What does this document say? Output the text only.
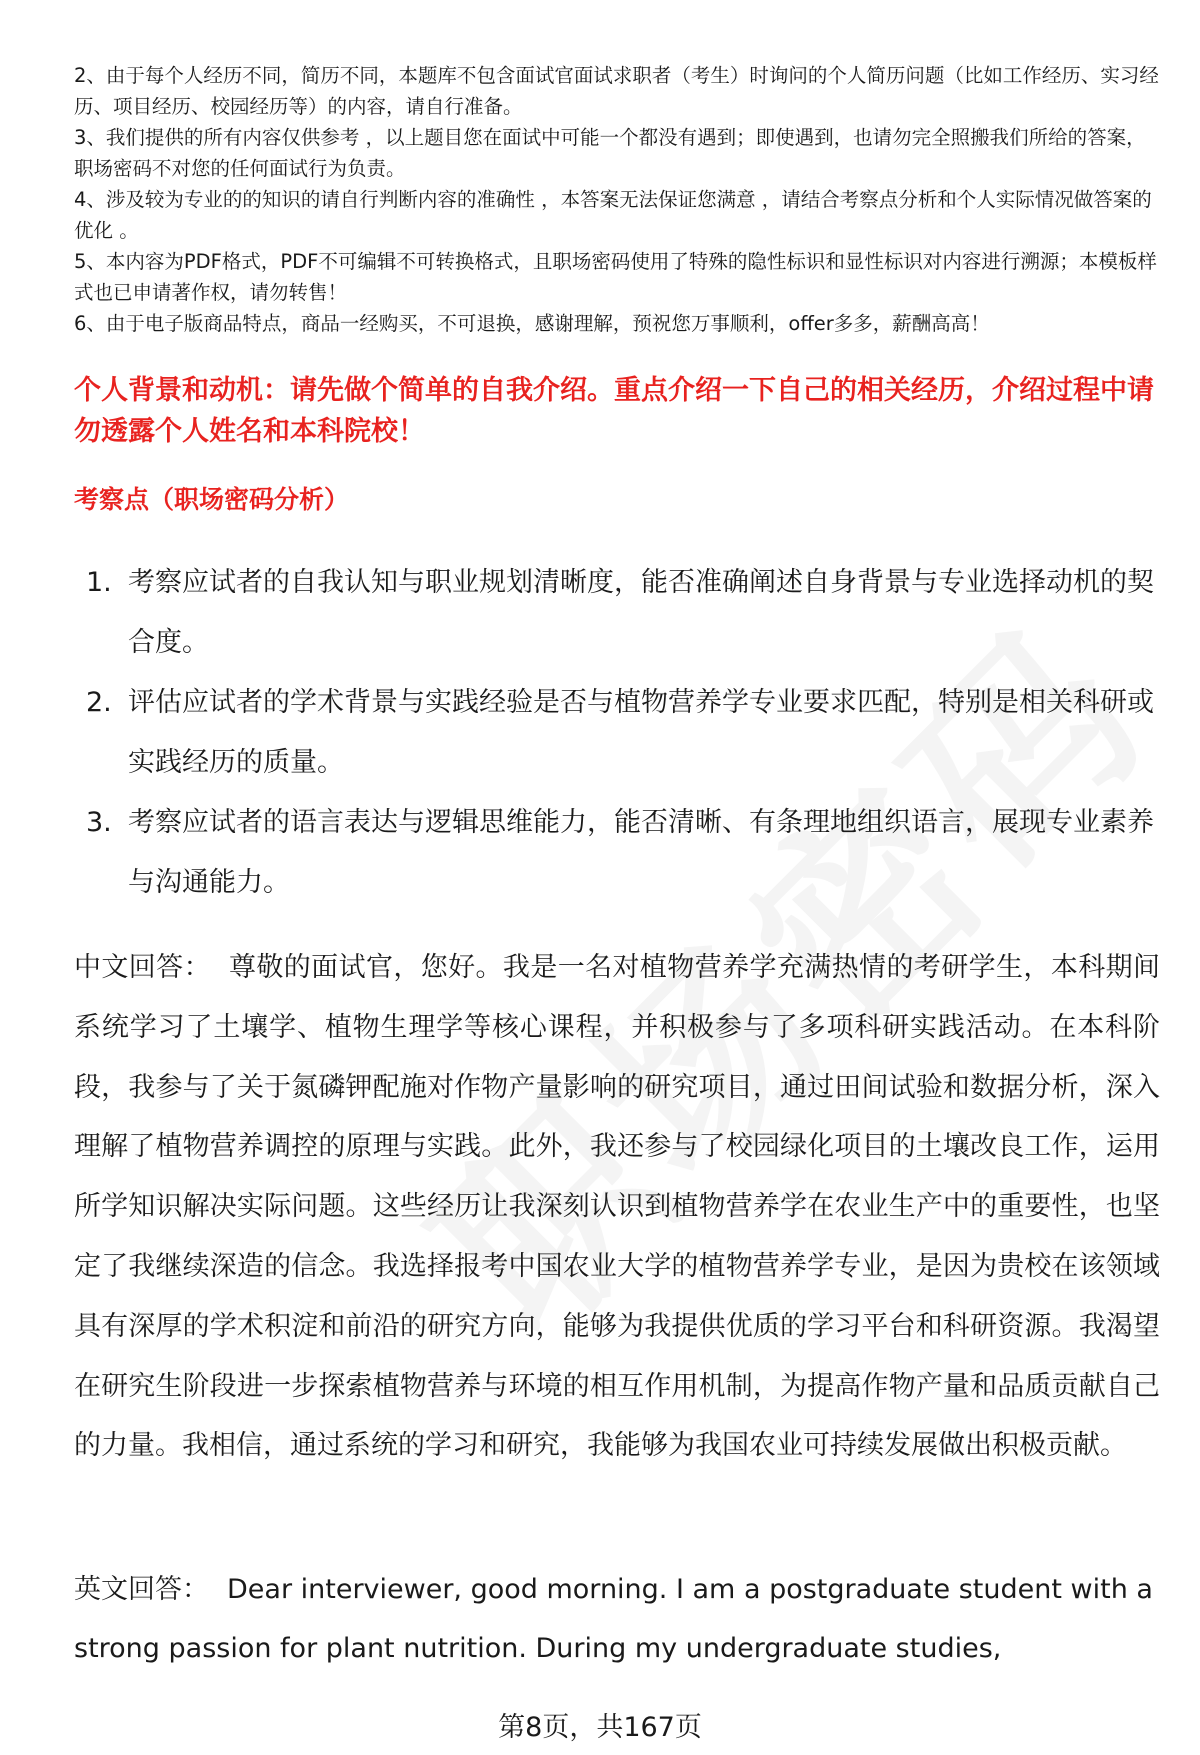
2、由于每个人经历不同，简历不同，本题库不包含面试官面试求职者（考生）时询问的个人简历问题（比如工作经历、实习经历、项目经历、校园经历等）的内容，请自行准备。

3、我们提供的所有内容仅供参考 ，以上题目您在面试中可能一个都没有遇到；即使遇到，也请勿完全照搬我们所给的答案，职场密码不对您的任何面试行为负责。

4、涉及较为专业的的知识的请自行判断内容的准确性 ，本答案无法保证您满意 ，请结合考察点分析和个人实际情况做答案的优化 。

5、本内容为PDF格式，PDF不可编辑不可转换格式，且职场密码使用了特殊的隐性标识和显性标识对内容进行溯源；本模板样式也已申请著作权，请勿转售！

6、由于电子版商品特点，商品一经购买，不可退换，感谢理解，预祝您万事顺利，offer多多，薪酬高高！

个人背景和动机：请先做个简单的自我介绍。重点介绍一下自己的相关经历，介绍过程中请勿透露个人姓名和本科院校！
考察点（职场密码分析）
1. 考察应试者的自我认知与职业规划清晰度，能否准确阐述自身背景与专业选择动机的契合度。
2. 评估应试者的学术背景与实践经验是否与植物营养学专业要求匹配，特别是相关科研或实践经历的质量。
3. 考察应试者的语言表达与逻辑思维能力，能否清晰、有条理地组织语言，展现专业素养与沟通能力。
中文回答： 尊敬的面试官，您好。我是一名对植物营养学充满热情的考研学生，本科期间系统学习了土壤学、植物生理学等核心课程，并积极参与了多项科研实践活动。在本科阶段，我参与了关于氮磷钾配施对作物产量影响的研究项目，通过田间试验和数据分析，深入理解了植物营养调控的原理与实践。此外，我还参与了校园绿化项目的土壤改良工作，运用所学知识解决实际问题。这些经历让我深刻认识到植物营养学在农业生产中的重要性，也坚定了我继续深造的信念。我选择报考中国农业大学的植物营养学专业，是因为贵校在该领域具有深厚的学术积淀和前沿的研究方向，能够为我提供优质的学习平台和科研资源。我渴望在研究生阶段进一步探索植物营养与环境的相互作用机制，为提高作物产量和品质贡献自己的力量。我相信，通过系统的学习和研究，我能够为我国农业可持续发展做出积极贡献。
英文回答： Dear interviewer, good morning. I am a postgraduate student with a strong passion for plant nutrition. During my undergraduate studies,
第8页，共167页
